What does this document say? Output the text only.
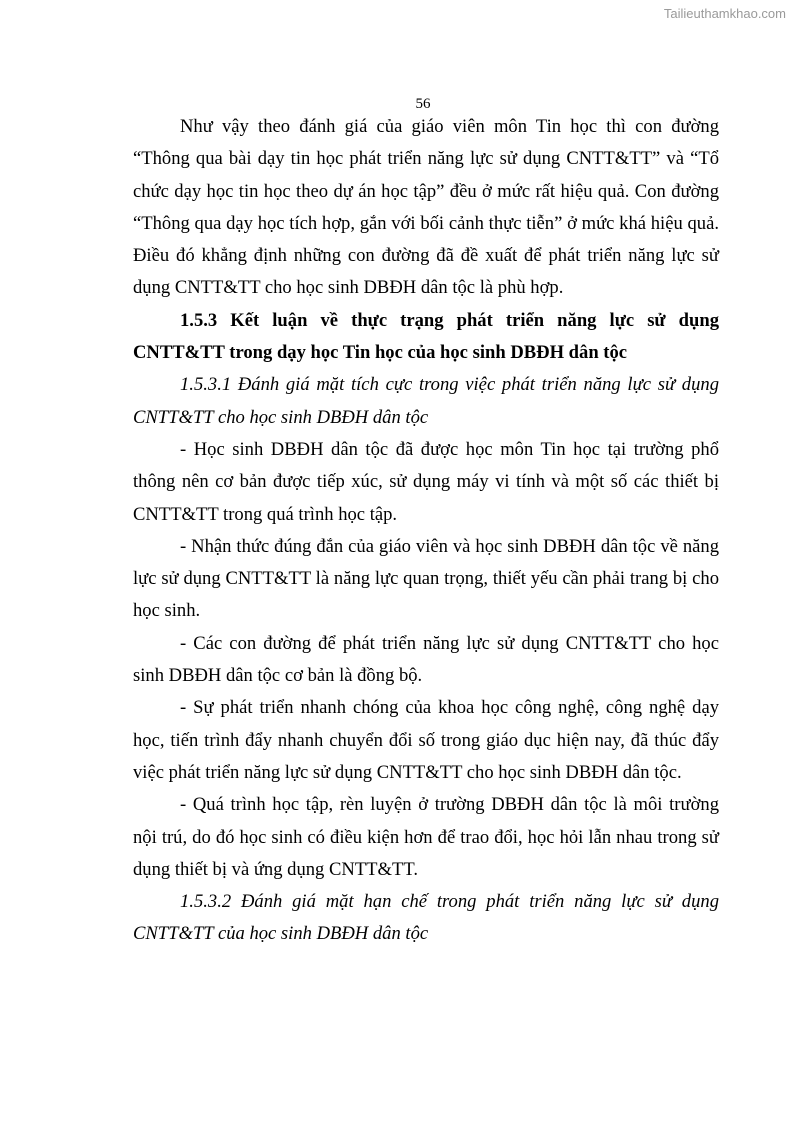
Tailieuthamkhao.com
56

Như vậy theo đánh giá của giáo viên môn Tin học thì con đường “Thông qua bài dạy tin học phát triển năng lực sử dụng CNTT&TT” và “Tổ chức dạy học tin học theo dự án học tập” đều ở mức rất hiệu quả. Con đường “Thông qua dạy học tích hợp, gắn với bối cảnh thực tiễn” ở mức khá hiệu quả. Điều đó khẳng định những con đường đã đề xuất để phát triển năng lực sử dụng CNTT&TT cho học sinh DBĐH dân tộc là phù hợp.

1.5.3 Kết luận về thực trạng phát triển năng lực sử dụng CNTT&TT trong dạy học Tin học của học sinh DBĐH dân tộc

1.5.3.1 Đánh giá mặt tích cực trong việc phát triển năng lực sử dụng CNTT&TT cho học sinh DBĐH dân tộc

- Học sinh DBĐH dân tộc đã được học môn Tin học tại trường phổ thông nên cơ bản được tiếp xúc, sử dụng máy vi tính và một số các thiết bị CNTT&TT trong quá trình học tập.

- Nhận thức đúng đắn của giáo viên và học sinh DBĐH dân tộc về năng lực sử dụng CNTT&TT là năng lực quan trọng, thiết yếu cần phải trang bị cho học sinh.

- Các con đường để phát triển năng lực sử dụng CNTT&TT cho học sinh DBĐH dân tộc cơ bản là đồng bộ.

- Sự phát triển nhanh chóng của khoa học công nghệ, công nghệ dạy học, tiến trình đẩy nhanh chuyển đổi số trong giáo dục hiện nay, đã thúc đẩy việc phát triển năng lực sử dụng CNTT&TT cho học sinh DBĐH dân tộc.

- Quá trình học tập, rèn luyện ở trường DBĐH dân tộc là môi trường nội trú, do đó học sinh có điều kiện hơn để trao đổi, học hỏi lẫn nhau trong sử dụng thiết bị và ứng dụng CNTT&TT.

1.5.3.2 Đánh giá mặt hạn chế trong phát triển năng lực sử dụng CNTT&TT của học sinh DBĐH dân tộc
